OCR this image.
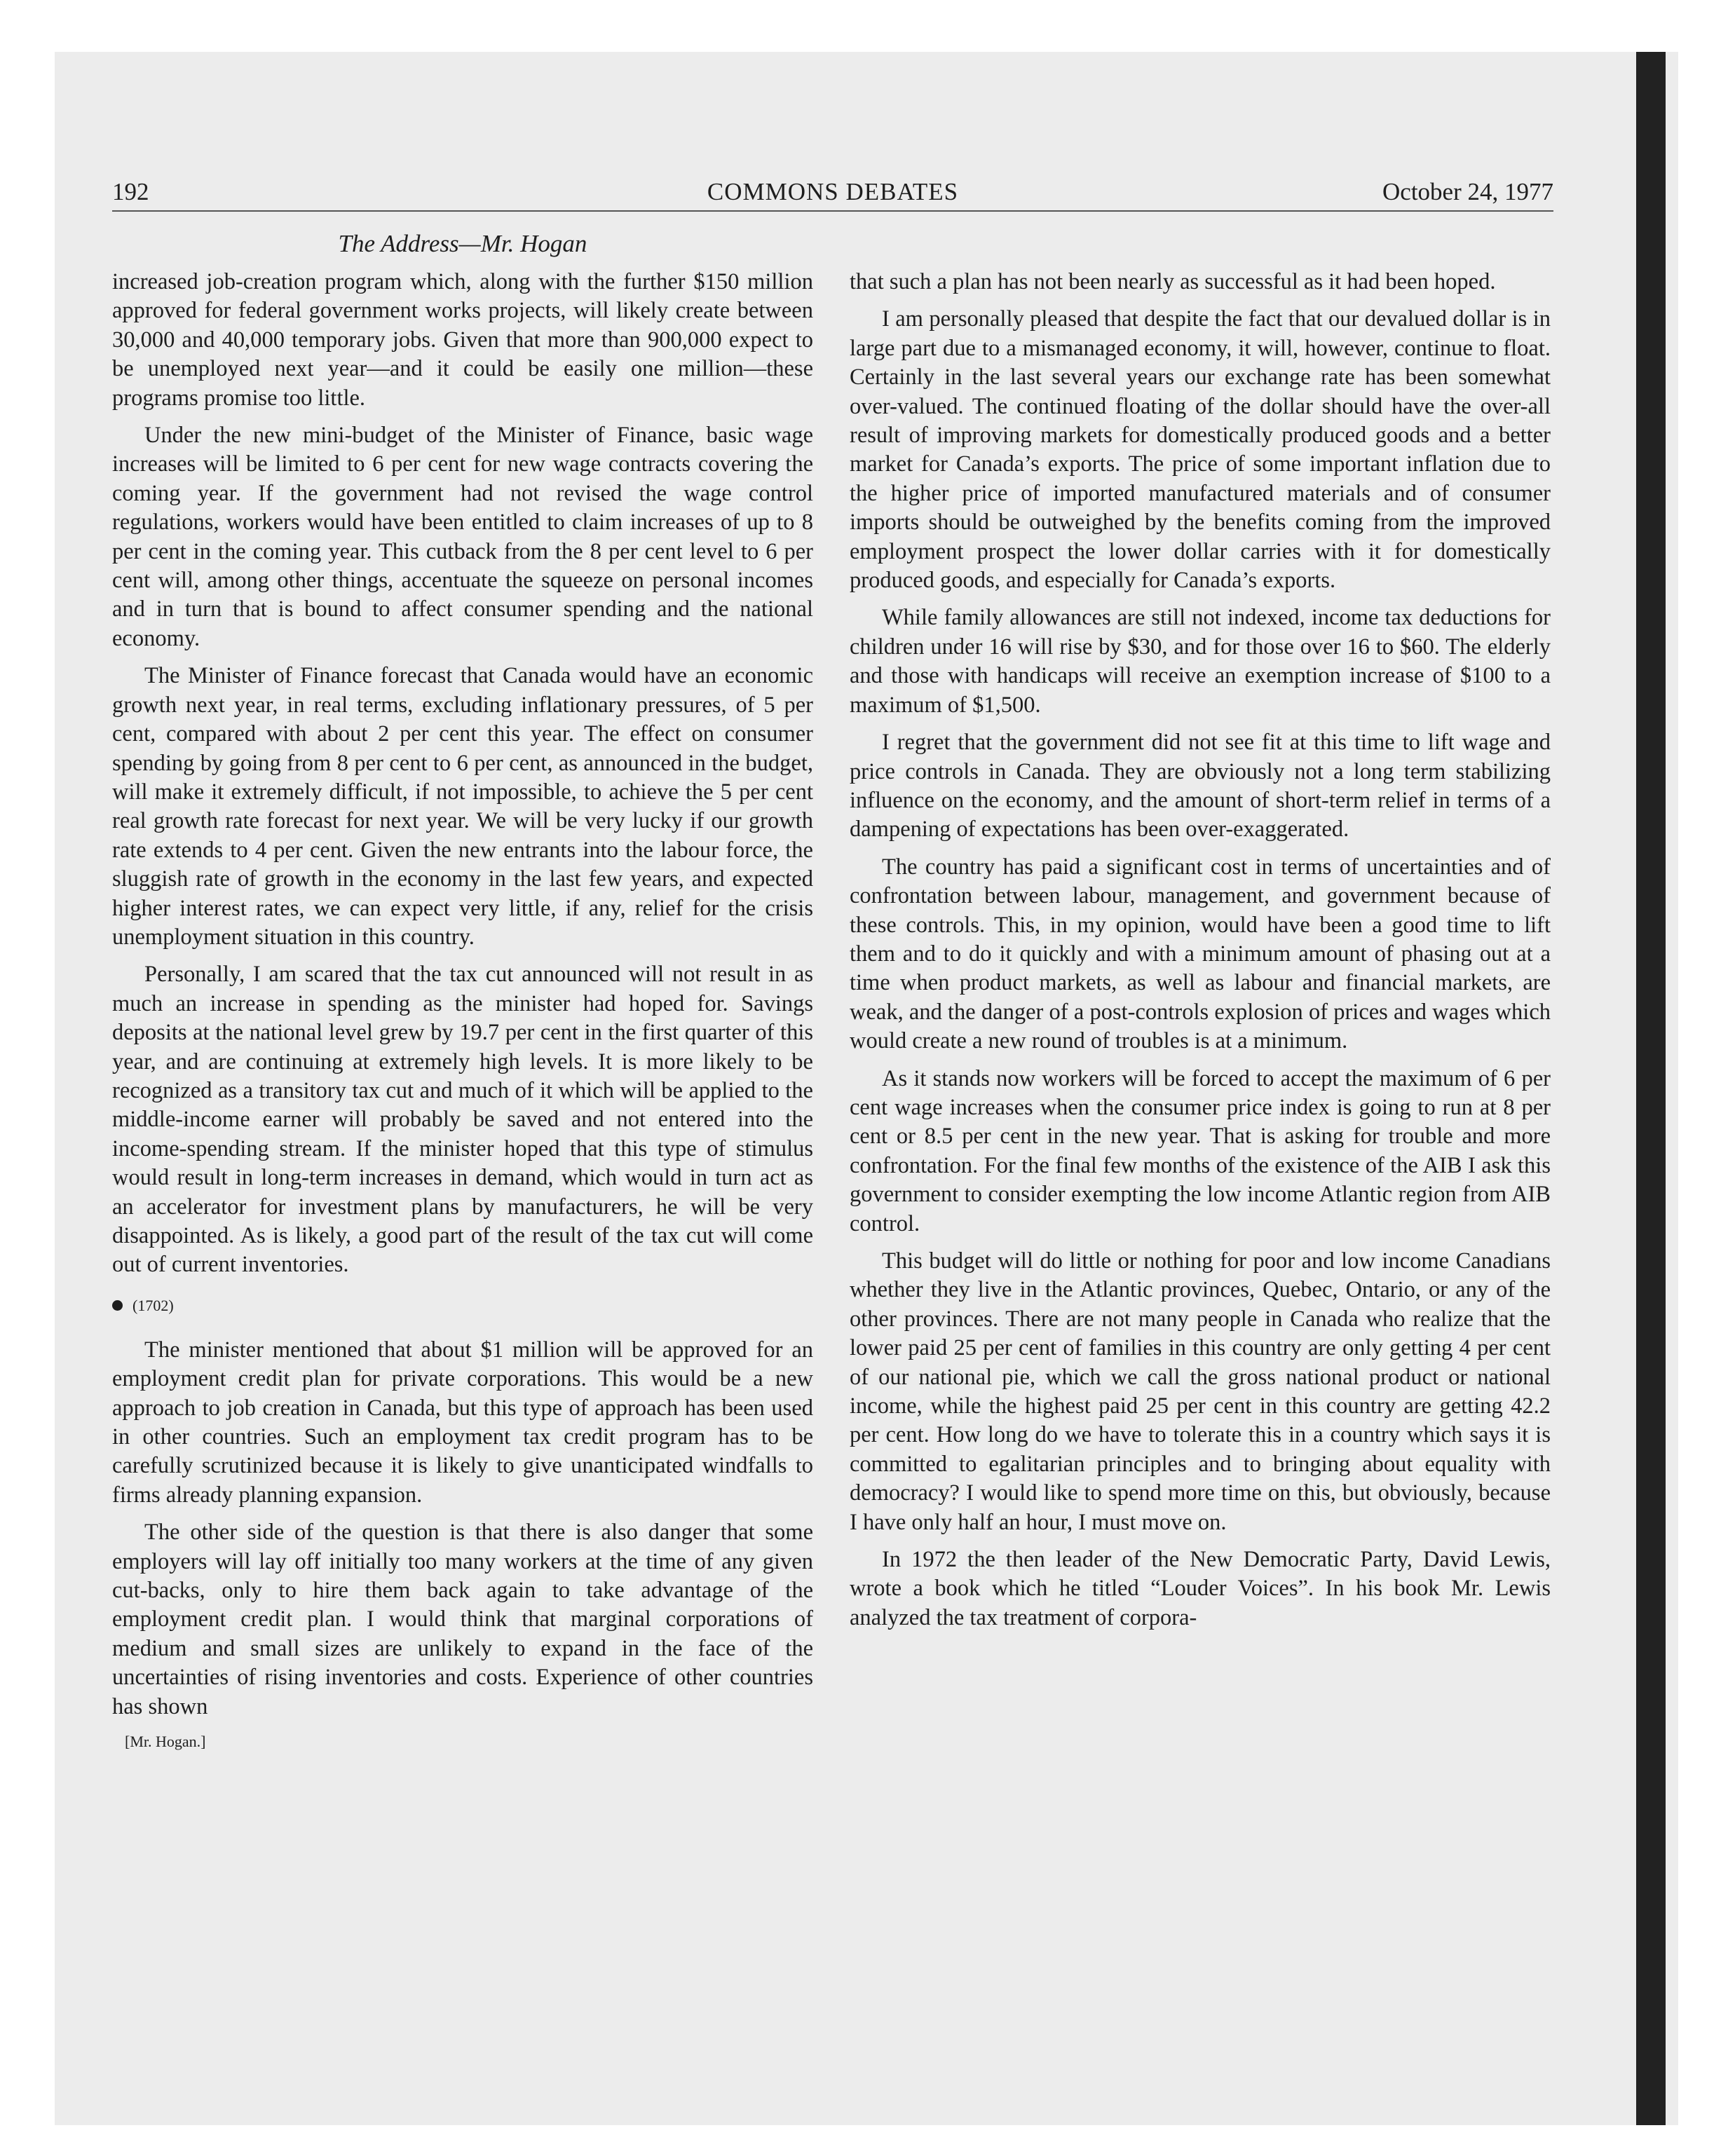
192	COMMONS DEBATES	October 24, 1977
The Address—Mr. Hogan

increased job-creation program which, along with the further $150 million approved for federal government works projects, will likely create between 30,000 and 40,000 temporary jobs. Given that more than 900,000 expect to be unemployed next year—and it could be easily one million—these programs promise too little.

Under the new mini-budget of the Minister of Finance, basic wage increases will be limited to 6 per cent for new wage contracts covering the coming year. If the government had not revised the wage control regulations, workers would have been entitled to claim increases of up to 8 per cent in the coming year. This cutback from the 8 per cent level to 6 per cent will, among other things, accentuate the squeeze on personal incomes and in turn that is bound to affect consumer spending and the national economy.

The Minister of Finance forecast that Canada would have an economic growth next year, in real terms, excluding inflationary pressures, of 5 per cent, compared with about 2 per cent this year. The effect on consumer spending by going from 8 per cent to 6 per cent, as announced in the budget, will make it extremely difficult, if not impossible, to achieve the 5 per cent real growth rate forecast for next year. We will be very lucky if our growth rate extends to 4 per cent. Given the new entrants into the labour force, the sluggish rate of growth in the economy in the last few years, and expected higher interest rates, we can expect very little, if any, relief for the crisis unemployment situation in this country.

Personally, I am scared that the tax cut announced will not result in as much an increase in spending as the minister had hoped for. Savings deposits at the national level grew by 19.7 per cent in the first quarter of this year, and are continuing at extremely high levels. It is more likely to be recognized as a transitory tax cut and much of it which will be applied to the middle-income earner will probably be saved and not entered into the income-spending stream. If the minister hoped that this type of stimulus would result in long-term increases in demand, which would in turn act as an accelerator for investment plans by manufacturers, he will be very disappointed. As is likely, a good part of the result of the tax cut will come out of current inventories.

(1702)

The minister mentioned that about $1 million will be approved for an employment credit plan for private corporations. This would be a new approach to job creation in Canada, but this type of approach has been used in other countries. Such an employment tax credit program has to be carefully scrutinized because it is likely to give unanticipated windfalls to firms already planning expansion.

The other side of the question is that there is also danger that some employers will lay off initially too many workers at the time of any given cut-backs, only to hire them back again to take advantage of the employment credit plan. I would think that marginal corporations of medium and small sizes are unlikely to expand in the face of the uncertainties of rising inventories and costs. Experience of other countries has shown

[Mr. Hogan.]

that such a plan has not been nearly as successful as it had been hoped.

I am personally pleased that despite the fact that our devalued dollar is in large part due to a mismanaged economy, it will, however, continue to float. Certainly in the last several years our exchange rate has been somewhat over-valued. The continued floating of the dollar should have the over-all result of improving markets for domestically produced goods and a better market for Canada’s exports. The price of some important inflation due to the higher price of imported manufactured materials and of consumer imports should be outweighed by the benefits coming from the improved employment prospect the lower dollar carries with it for domestically produced goods, and especially for Canada’s exports.

While family allowances are still not indexed, income tax deductions for children under 16 will rise by $30, and for those over 16 to $60. The elderly and those with handicaps will receive an exemption increase of $100 to a maximum of $1,500.

I regret that the government did not see fit at this time to lift wage and price controls in Canada. They are obviously not a long term stabilizing influence on the economy, and the amount of short-term relief in terms of a dampening of expectations has been over-exaggerated.

The country has paid a significant cost in terms of uncertainties and of confrontation between labour, management, and government because of these controls. This, in my opinion, would have been a good time to lift them and to do it quickly and with a minimum amount of phasing out at a time when product markets, as well as labour and financial markets, are weak, and the danger of a post-controls explosion of prices and wages which would create a new round of troubles is at a minimum.

As it stands now workers will be forced to accept the maximum of 6 per cent wage increases when the consumer price index is going to run at 8 per cent or 8.5 per cent in the new year. That is asking for trouble and more confrontation. For the final few months of the existence of the AIB I ask this government to consider exempting the low income Atlantic region from AIB control.

This budget will do little or nothing for poor and low income Canadians whether they live in the Atlantic provinces, Quebec, Ontario, or any of the other provinces. There are not many people in Canada who realize that the lower paid 25 per cent of families in this country are only getting 4 per cent of our national pie, which we call the gross national product or national income, while the highest paid 25 per cent in this country are getting 42.2 per cent. How long do we have to tolerate this in a country which says it is committed to egalitarian principles and to bringing about equality with democracy? I would like to spend more time on this, but obviously, because I have only half an hour, I must move on.

In 1972 the then leader of the New Democratic Party, David Lewis, wrote a book which he titled “Louder Voices”. In his book Mr. Lewis analyzed the tax treatment of corpora-
